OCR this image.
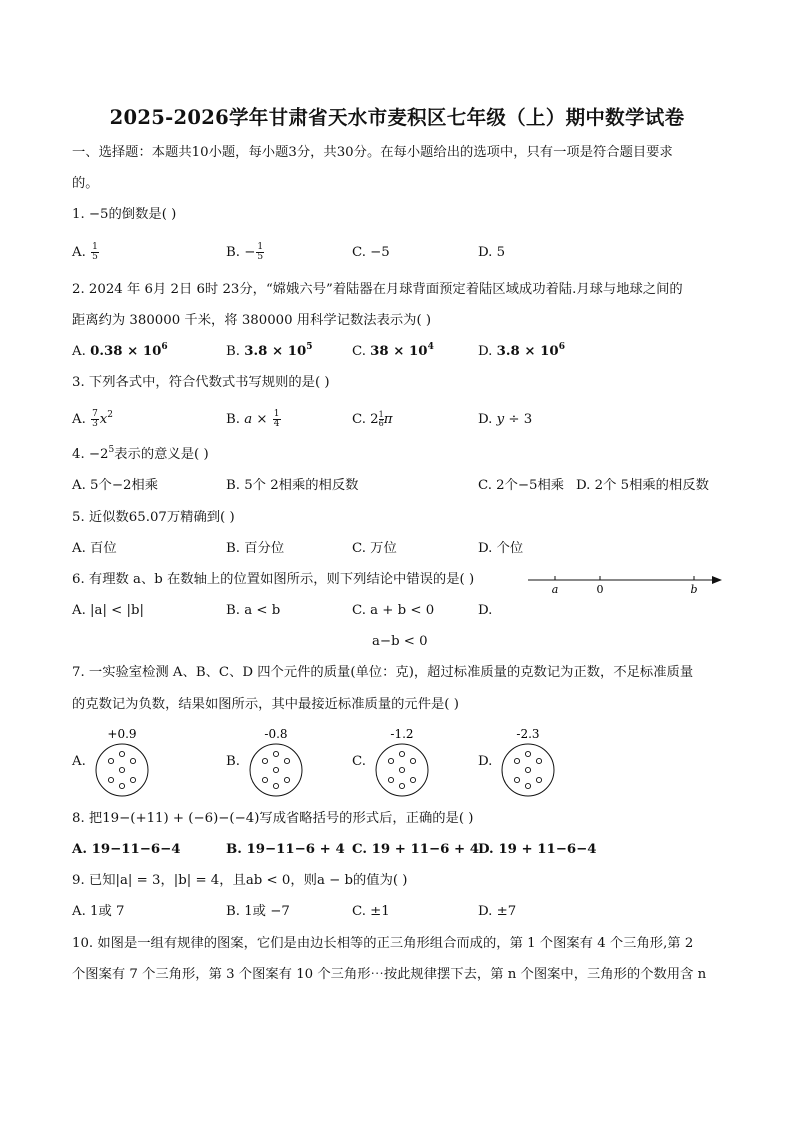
2025-2026学年甘肃省天水市麦积区七年级（上）期中数学试卷
一、选择题：本题共10小题，每小题3分，共30分。在每小题给出的选项中，只有一项是符合题目要求
的。
1. −5的倒数是( )
A. $\frac{1}{5}$	B. − $\frac{1}{5}$	C. −5	D. 5
2. 2024 年 6月 2日 6时 23分，“嫦娥六号”着陆器在月球背面预定着陆区域成功着陆.月球与地球之间的
距离约为 380000 千米，将 380000 用科学记数法表示为( )
A. $0.38 \times 10^6$	B. $3.8 \times 10^5$	C. $38 \times 10^4$	D. $3.8 \times 10^6$
3. 下列各式中，符合代数式书写规则的是( )
A. $\frac{7}{3} x^2$	B. $a \times \frac{1}{4}$	C. $2 \frac{1}{6}$ π	D. y ÷ 3
4. $-2^5$表示的意义是( )
A. 5个−2相乘	B. 5个 2相乘的相反数	C. 2个−5相乘 D. 2个 5相乘的相反数
5. 近似数65.07万精确到( )
A. 百位	B. 百分位	C. 万位	D. 个位
6. 有理数 a、b 在数轴上的位置如图所示，则下列结论中错误的是( )
a	0	b
A. |a| < |b|	B. a < b	C. a + b < 0	D.
a−b < 0
7. 一实验室检测 A、B、C、D 四个元件的质量(单位：克)，超过标准质量的克数记为正数，不足标准质量
的克数记为负数，结果如图所示，其中最接近标准质量的元件是( )
A.
+0.9
B.
-0.8
C.
-1.2
D.
-2.3
8. 把19−(+11) + (−6)−(−4)写成省略括号的形式后，正确的是( )
A. 19−11−6−4	B. 19−11−6 + 4 C. 19 + 11−6 + 4
D. 19 + 11−6−4
9. 已知|a| = 3，|b| = 4，且ab < 0，则a − b的值为( )
A. 1或 7	B. 1或 −7	C. ±1	D. ±7
10. 如图是一组有规律的图案，它们是由边长相等的正三角形组合而成的，第 1 个图案有 4 个三角形,第 2
个图案有 7 个三角形，第 3 个图案有 10 个三角形⋯按此规律摆下去，第 n 个图案中，三角形的个数用含 n
